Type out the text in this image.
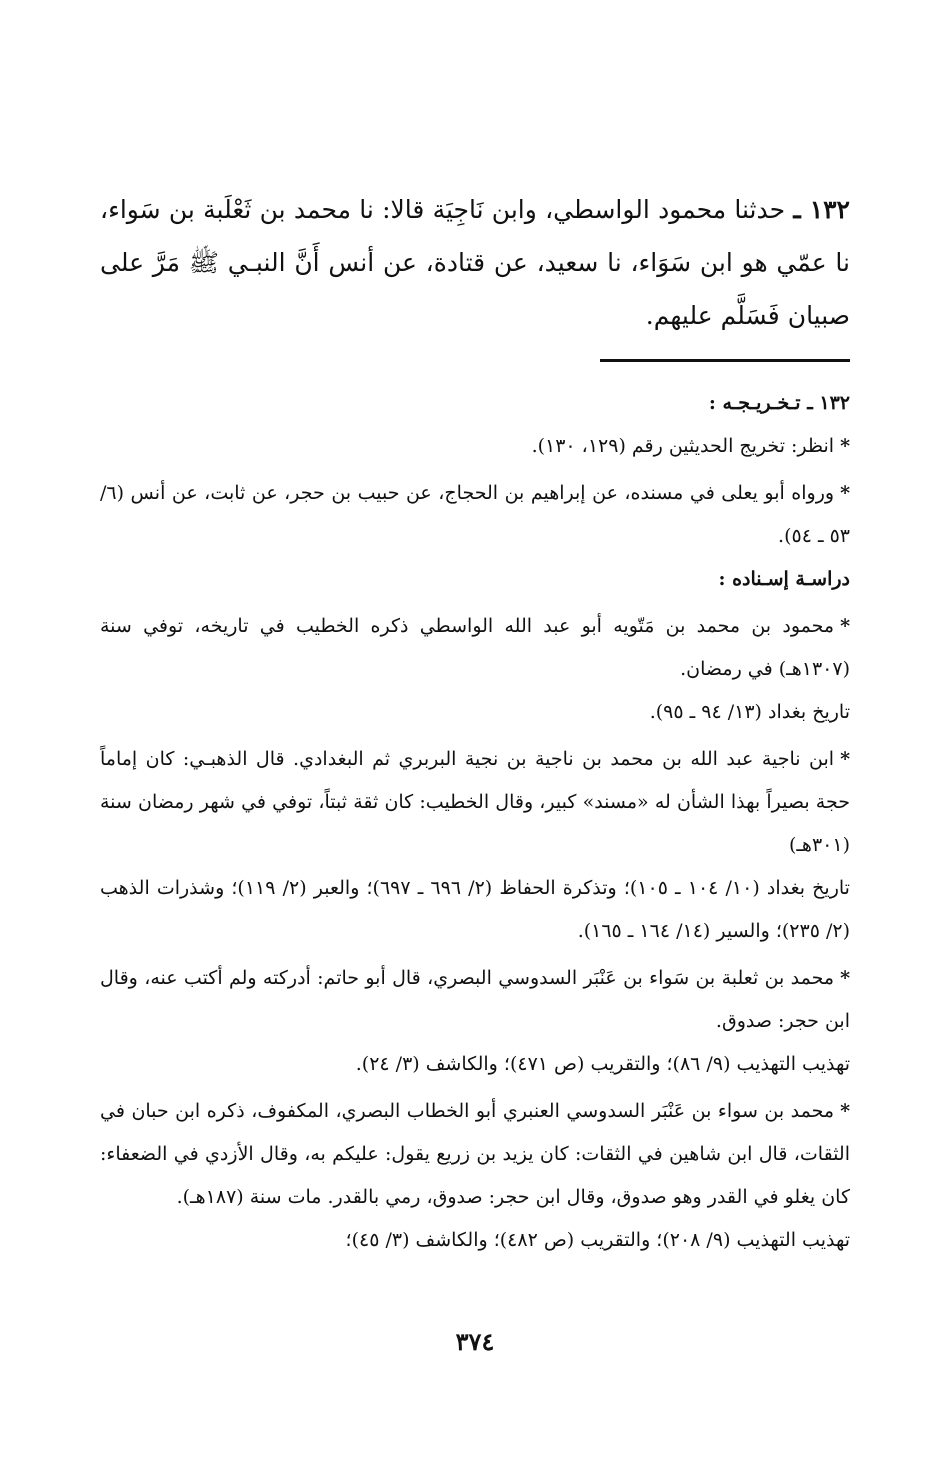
١٣٢ ـ حدثنا محمود الواسطي، وابن نَاجِيَة قالا: نا محمد بن ثَعْلَبة بن سَواء، نا عمّي هو ابن سَوَاء، نا سعيد، عن قتادة، عن أنس أَنَّ النبـي ﷺ مَرَّ على صبيان فَسَلَّم عليهم.

١٣٢ ـ تـخـريـجـه :

*انظر: تخريج الحديثين رقم (١٢٩، ١٣٠).

*ورواه أبو يعلى في مسنده، عن إبراهيم بن الحجاج، عن حبيب بن حجر، عن ثابت، عن أنس (٦/ ٥٣ ـ ٥٤).

دراسـة إسـناده :

*محمود بن محمد بن مَتّويه أبو عبد الله الواسطي ذكره الخطيب في تاريخه، توفي سنة (١٣٠٧هـ) في رمضان.

تاريخ بغداد (١٣/ ٩٤ ـ ٩٥).

*ابن ناجية عبد الله بن محمد بن ناجية بن نجية البربري ثم البغدادي. قال الذهبـي: كان إماماً حجة بصيراً بهذا الشأن له «مسند» كبير، وقال الخطيب: كان ثقة ثبتاً، توفي في شهر رمضان سنة (٣٠١هـ)

تاريخ بغداد (١٠/ ١٠٤ ـ ١٠٥)؛ وتذكرة الحفاظ (٢/ ٦٩٦ ـ ٦٩٧)؛ والعبر (٢/ ١١٩)؛ وشذرات الذهب (٢/ ٢٣٥)؛ والسير (١٤/ ١٦٤ ـ ١٦٥).

*محمد بن ثعلبة بن سَواء بن عَنْبَر السدوسي البصري، قال أبو حاتم: أدركته ولم أكتب عنه، وقال ابن حجر: صدوق.

تهذيب التهذيب (٩/ ٨٦)؛ والتقريب (ص ٤٧١)؛ والكاشف (٣/ ٢٤).

*محمد بن سواء بن عَنْبَر السدوسي العنبري أبو الخطاب البصري، المكفوف، ذكره ابن حبان في الثقات، قال ابن شاهين في الثقات: كان يزيد بن زريع يقول: عليكم به، وقال الأزدي في الضعفاء: كان يغلو في القدر وهو صدوق، وقال ابن حجر: صدوق، رمي بالقدر. مات سنة (١٨٧هـ).

تهذيب التهذيب (٩/ ٢٠٨)؛ والتقريب (ص ٤٨٢)؛ والكاشف (٣/ ٤٥)؛

٣٧٤
